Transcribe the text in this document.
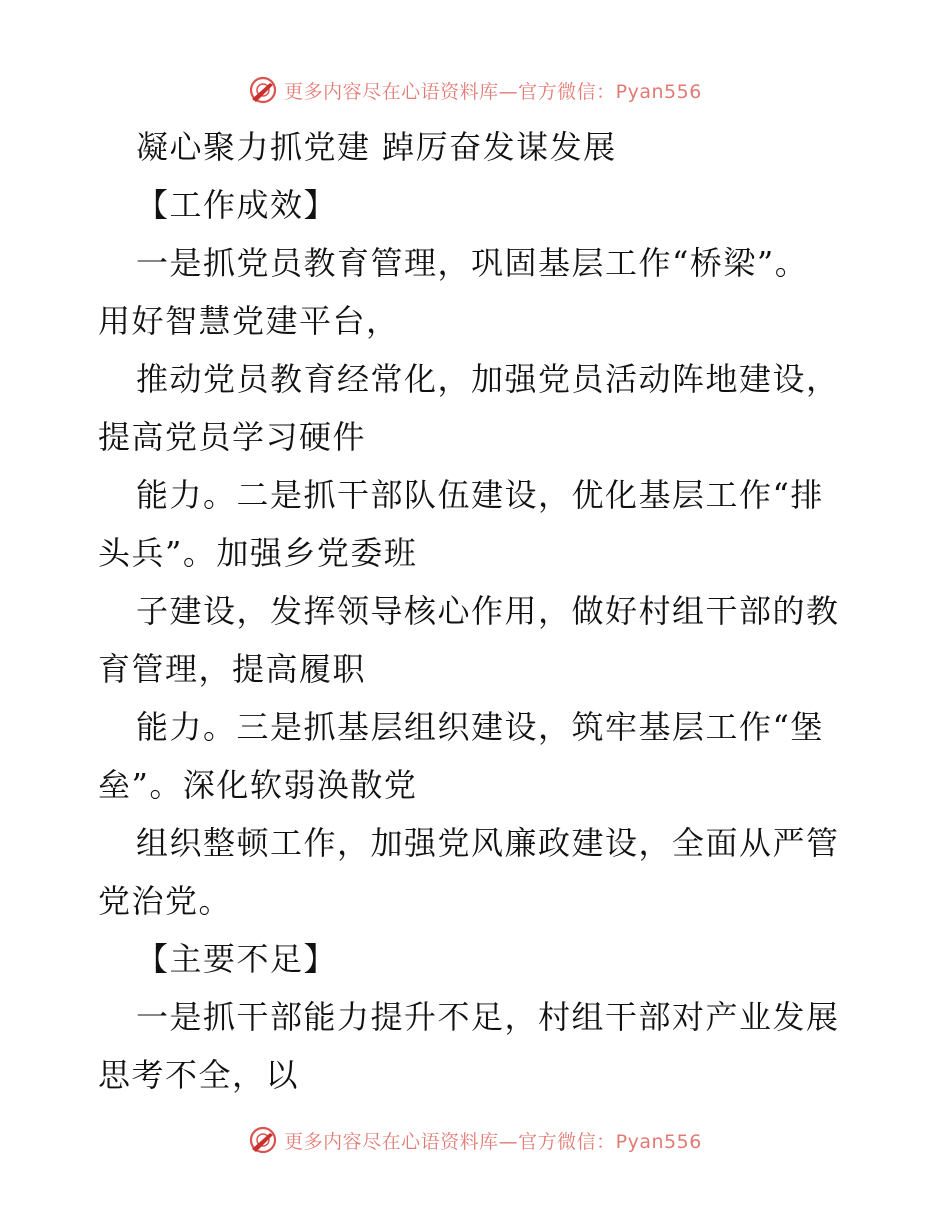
更多内容尽在心语资料库—官方微信：Pyan556
凝心聚力抓党建 踔厉奋发谋发展
【工作成效】
一是抓党员教育管理，巩固基层工作“桥梁”。
用好智慧党建平台，
推动党员教育经常化，加强党员活动阵地建设，
提高党员学习硬件
能力。二是抓干部队伍建设，优化基层工作“排
头兵”。加强乡党委班
子建设，发挥领导核心作用，做好村组干部的教
育管理，提高履职
能力。三是抓基层组织建设，筑牢基层工作“堡
垒”。深化软弱涣散党
组织整顿工作，加强党风廉政建设，全面从严管
党治党。
【主要不足】
一是抓干部能力提升不足，村组干部对产业发展
思考不全，以
更多内容尽在心语资料库—官方微信：Pyan556
